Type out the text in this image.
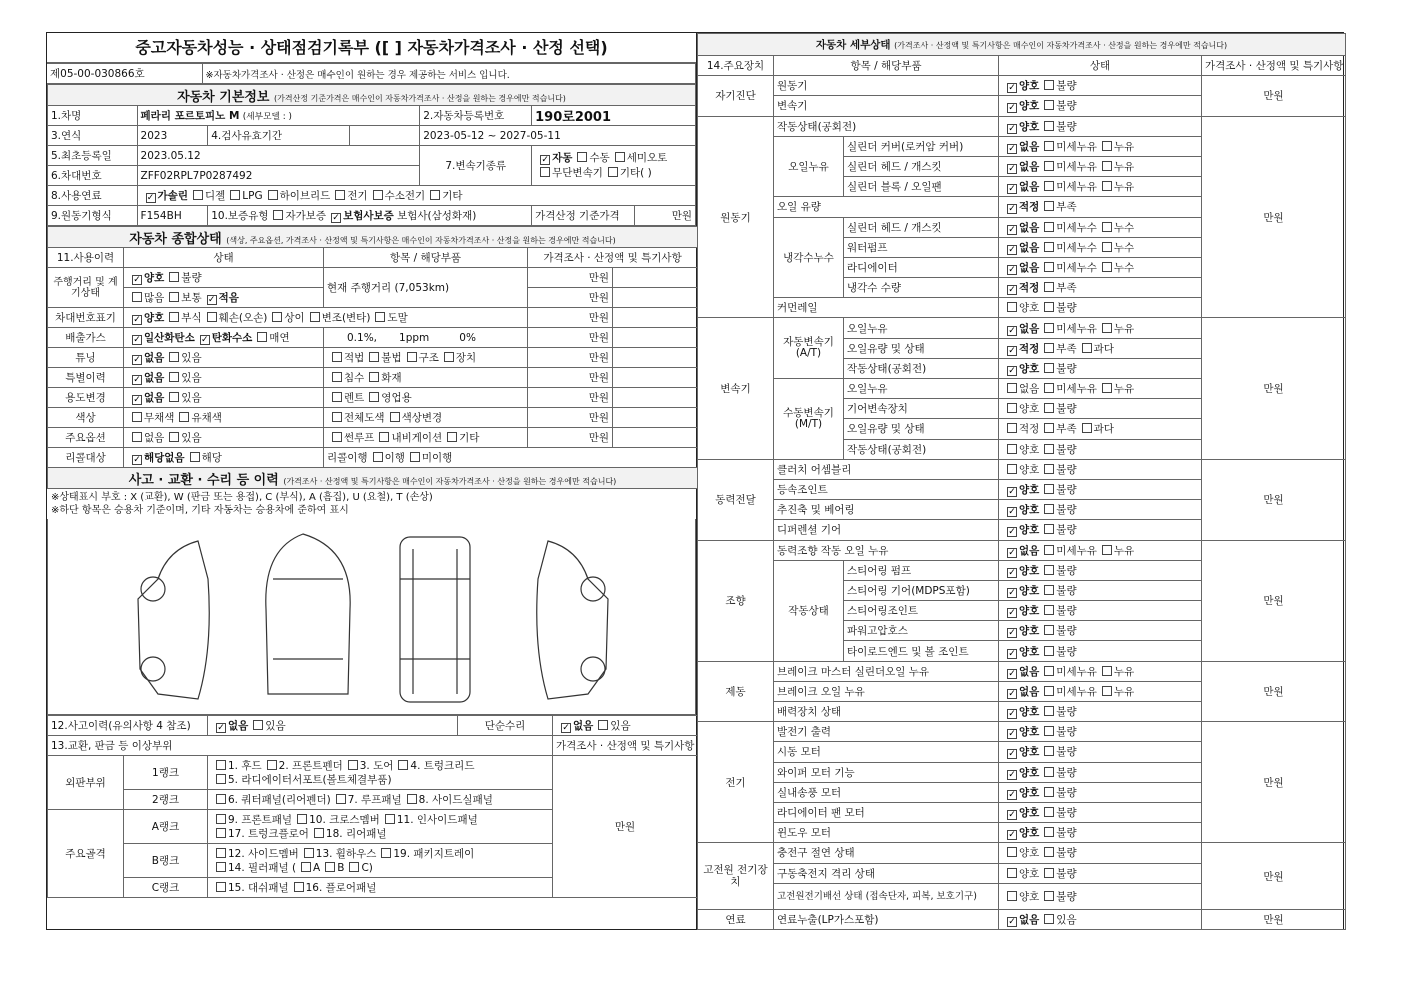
중고자동차성능 · 상태점검기록부 ([ ] 자동차가격조사 · 산정 선택)
제05-00-030866호	※자동차가격조사 · 산정은 매수인이 원하는 경우 제공하는 서비스 입니다.
자동차 기본정보 (가격산정 기준가격은 매수인이 자동차가격조사 · 산정을 원하는 경우에만 적습니다)						
1.차명	페라리 포르토피노 M (세부모델 : )			2.자동차등록번호	190로2001	
3.연식	2023	4.검사유효기간		2023-05-12 ~ 2027-05-11		
5.최초등록일	2023.05.12			7.변속기종류	✓자동 수동 세미오토
무단변속기 기타( )
6.차대번호	ZFF02RPL7P0287492					
8.사용연료	✓가솔린 디젤 LPG 하이브리드 전기 수소전기 기타
9.원동기형식	F154BH	10.보증유형 자가보증 ✓ 보험사보증 보험사(삼성화재)			가격산정 기준가격	만원
자동차 종합상태 (색상, 주요옵션, 가격조사 · 산정액 및 특기사항은 매수인이 자동차가격조사 · 산정을 원하는 경우에만 적습니다)				
11.사용이력	상태	항목 / 해당부품	가격조사 · 산정액 및 특기사항	
주행거리 및 계기상태	✓양호 불량	현재 주행거리 (7,053km)	만원	
	많음 보통 ✓ 적음		만원	
차대번호표기	✓양호 부식 훼손(오손) 상이 변조(변타) 도말		만원	
배출가스	✓일산화탄소 ✓ 탄화수소 매연	0.1%, 1ppm 0%	만원	
튜닝	✓없음 있음	적법 불법 구조 장치	만원	
특별이력	✓없음 있음	침수 화재	만원	
용도변경	✓없음 있음	렌트 영업용	만원	
색상	무채색 유채색	전체도색 색상변경	만원	
주요옵션	없음 있음	썬루프 내비게이션 기타	만원	
리콜대상	✓해당없음 해당	리콜이행 이행 미이행		
사고 · 교환 · 수리 등 이력 (가격조사 · 산정액 및 특기사항은 매수인이 자동차가격조사 · 산정을 원하는 경우에만 적습니다)				
※상태표시 부호 : X (교환), W (판금 또는 용접), C (부식), A (흠집), U (요철), T (손상)
※하단 항목은 승용차 기준이며, 기타 자동차는 승용차에 준하여 표시
12.사고이력(유의사항 4 참조)	✓없음 있음	단순수리	✓없음 있음
13.교환, 판금 등 이상부위				가격조사 · 산정액 및 특기사항
외판부위	1랭크	1. 후드 2. 프론트펜더 3. 도어 4. 트렁크리드
5. 라디에이터서포트(볼트체결부품)		만원
	2랭크	6. 쿼터패널(리어펜더) 7. 루프패널 8. 사이드실패널		
주요골격	A랭크	9. 프론트패널 10. 크로스멤버 11. 인사이드패널
17. 트렁크플로어 18. 리어패널		
	B랭크	12. 사이드멤버 13. 휠하우스 19. 패키지트레이
14. 필러패널 ( A B C)		
	C랭크	15. 대쉬패널 16. 플로어패널		
자동차 세부상태 (가격조사 · 산정액 및 특기사항은 매수인이 자동차가격조사 · 산정을 원하는 경우에만 적습니다)				
14.주요장치	항목 / 해당부품		상태	가격조사 · 산정액 및 특기사항
자기진단	원동기	✓양호 불량	만원
	변속기	✓양호 불량
원동기	작동상태(공회전)	✓양호 불량	만원
	오일누유	실린더 커버(로커암 커버)	✓없음 미세누유 누유
		실린더 헤드 / 개스킷	✓없음 미세누유 누유
		실린더 블록 / 오일팬	✓없음 미세누유 누유
	오일 유량	✓적정 부족
	냉각수누수	실린더 헤드 / 개스킷	✓없음 미세누수 누수
		워터펌프	✓없음 미세누수 누수
		라디에이터	✓없음 미세누수 누수
		냉각수 수량	✓적정 부족
	커먼레일		양호 불량	
변속기	자동변속기 (A/T)	오일누유	✓없음 미세누유 누유	만원
		오일유량 및 상태	✓적정 부족 과다
		작동상태(공회전)	✓양호 불량
	수동변속기 (M/T)	오일누유	없음 미세누유 누유	
		기어변속장치	양호 불량	
		오일유량 및 상태	적정 부족 과다	
		작동상태(공회전)	양호 불량	
동력전달	클러치 어셈블리		양호 불량	만원
	등속조인트	✓양호 불량
	추진축 및 베어링	✓양호 불량
	디퍼렌셜 기어	✓양호 불량
조향	동력조향 작동 오일 누유	✓없음 미세누유 누유	만원
	작동상태	스티어링 펌프	✓양호 불량
		스티어링 기어(MDPS포함)	✓양호 불량
		스티어링조인트	✓양호 불량
		파워고압호스	✓양호 불량
		타이로드엔드 및 볼 조인트	✓양호 불량
제동	브레이크 마스터 실린더오일 누유	✓없음 미세누유 누유	만원
	브레이크 오일 누유	✓없음 미세누유 누유
	배력장치 상태	✓양호 불량
전기	발전기 출력	✓양호 불량	만원
	시동 모터	✓양호 불량
	와이퍼 모터 기능	✓양호 불량
	실내송풍 모터	✓양호 불량
	라디에이터 팬 모터	✓양호 불량
	윈도우 모터	✓양호 불량
고전원 전기장치	충전구 절연 상태		양호 불량	만원
	구동축전지 격리 상태		양호 불량	
	고전원전기배선 상태 (접속단자, 피복, 보호기구)		양호 불량	
연료	연료누출(LP가스포함)	✓없음 있음	만원
